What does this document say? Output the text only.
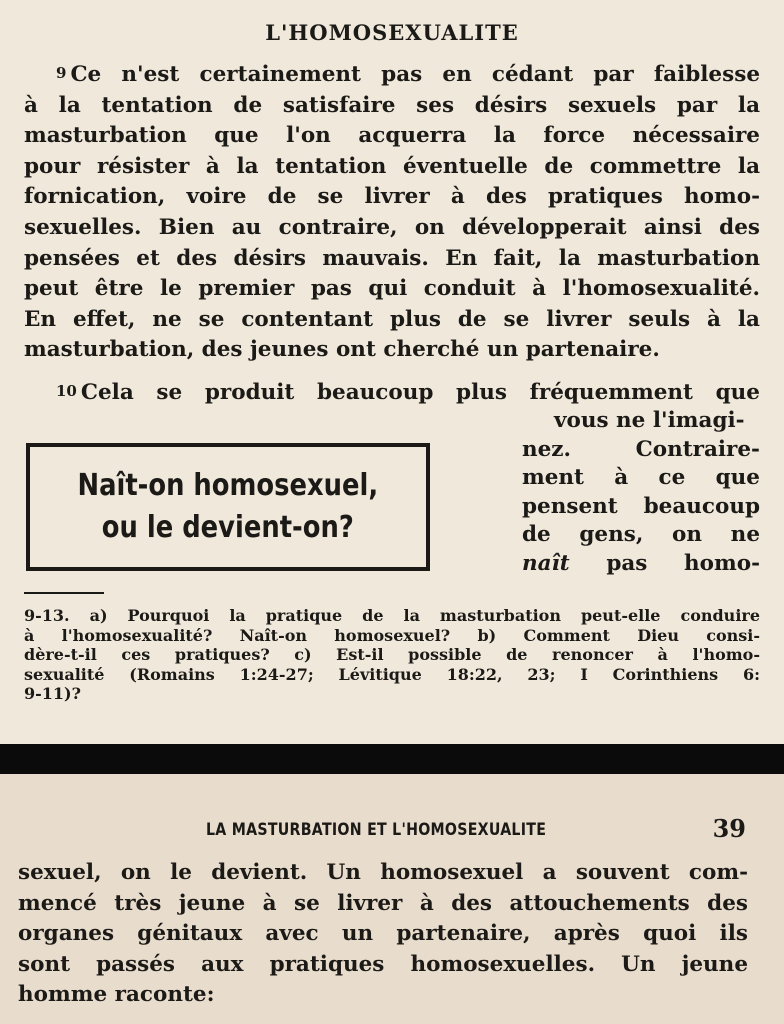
L'HOMOSEXUALITE
9 Ce n'est certainement pas en cédant par faiblesse
à la tentation de satisfaire ses désirs sexuels par la
masturbation que l'on acquerra la force nécessaire
pour résister à la tentation éventuelle de commettre la
fornication, voire de se livrer à des pratiques homo-
sexuelles. Bien au contraire, on développerait ainsi des
pensées et des désirs mauvais. En fait, la masturbation
peut être le premier pas qui conduit à l'homosexualité.
En effet, ne se contentant plus de se livrer seuls à la
masturbation, des jeunes ont cherché un partenaire.
10 Cela se produit beaucoup plus fréquemment que
vous ne l'imagi-
nez. Contraire-
ment à ce que
pensent beaucoup
de gens, on ne
naît pas homo-
Naît-on homosexuel,
ou le devient-on?
9-13. a) Pourquoi la pratique de la masturbation peut-elle conduire
à l'homosexualité? Naît-on homosexuel? b) Comment Dieu consi-
dère-t-il ces pratiques? c) Est-il possible de renoncer à l'homo-
sexualité (Romains 1:24-27; Lévitique 18:22, 23; I Corinthiens 6:
9-11)?
LA MASTURBATION ET L'HOMOSEXUALITE	39
sexuel, on le devient. Un homosexuel a souvent com-
mencé très jeune à se livrer à des attouchements des
organes génitaux avec un partenaire, après quoi ils
sont passés aux pratiques homosexuelles. Un jeune
homme raconte:
